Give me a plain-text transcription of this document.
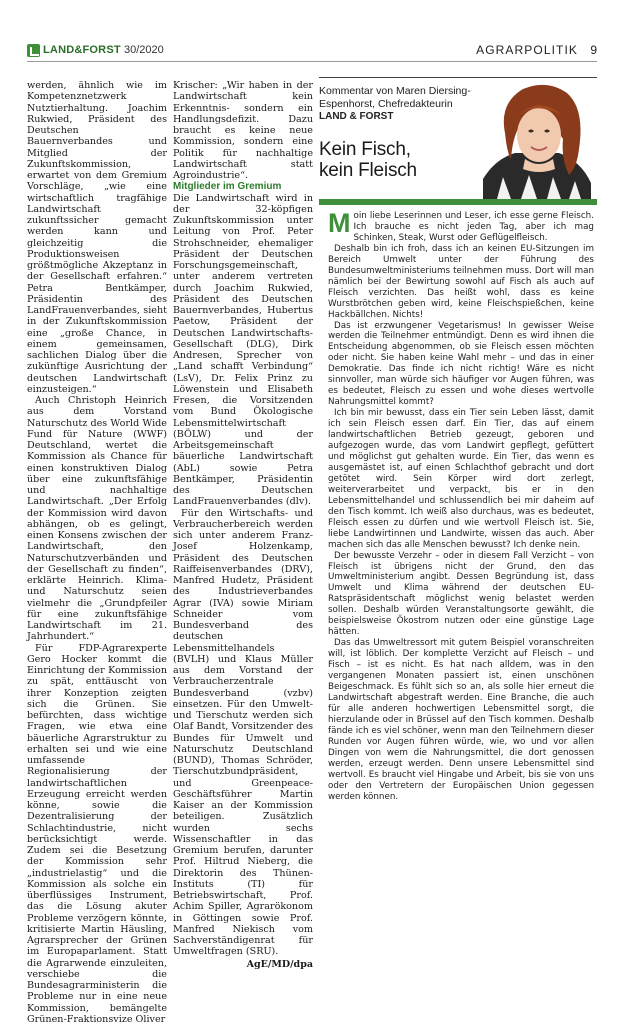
LAND&FORST 30/2020	AGRARPOLITIK 9

werden, ähnlich wie im Kompetenznetzwerk Nutztierhaltung. Joachim Rukwied, Präsident des Deutschen Bauernverbandes und Mitglied der Zukunftskommission, erwartet von dem Gremium Vorschläge, „wie eine wirtschaftlich tragfähige Landwirtschaft zukunftssicher gemacht werden kann und gleichzeitig die Produktionsweisen größtmögliche Akzeptanz in der Gesellschaft erfahren.“ Petra Bentkämper, Präsidentin des LandFrauenverbandes, sieht in der Zukunftskommission eine „große Chance, in einem gemeinsamen, sachlichen Dialog über die zukünftige Ausrichtung der deutschen Landwirtschaft einzusteigen.“

Auch Christoph Heinrich aus dem Vorstand Naturschutz des World Wide Fund für Nature (WWF) Deutschland, wertet die Kommission als Chance für einen konstruktiven Dialog über eine zukunftsfähige und nachhaltige Landwirtschaft. „Der Erfolg der Kommission wird davon abhängen, ob es gelingt, einen Konsens zwischen der Landwirtschaft, den Naturschutzverbänden und der Gesellschaft zu finden“, erklärte Heinrich. Klima- und Naturschutz seien vielmehr die „Grundpfeiler für eine zukunftsfähige Landwirtschaft im 21. Jahrhundert.“

Für FDP-Agrarexperte Gero Hocker kommt die Einrichtung der Kommission zu spät, enttäuscht von ihrer Konzeption zeigten sich die Grünen. Sie befürchten, dass wichtige Fragen, wie etwa eine bäuerliche Agrarstruktur zu erhalten sei und wie eine umfassende Regionalisierung der landwirtschaftlichen Erzeugung erreicht werden könne, sowie die Dezentralisierung der Schlachtindustrie, nicht berücksichtigt werde. Zudem sei die Besetzung der Kommission sehr „industrielastig“ und die Kommission als solche ein überflüssiges Instrument, das die Lösung akuter Probleme verzögern könnte, kritisierte Martin Häusling, Agrarsprecher der Grünen im Europaparlament. Statt die Agrarwende einzuleiten, verschiebe die Bundesagrarministerin die Probleme nur in eine neue Kommission, bemängelte Grünen-Fraktionsvize Oliver

Krischer: „Wir haben in der Landwirtschaft kein Erkenntnis- sondern ein Handlungsdefizit. Dazu braucht es keine neue Kommission, sondern eine Politik für nachhaltige Landwirtschaft statt Agroindustrie“.

Mitglieder im Gremium

Die Landwirtschaft wird in der 32-köpfigen Zukunftskommission unter Leitung von Prof. Peter Strohschneider, ehemaliger Präsident der Deutschen Forschungsgemeinschaft, unter anderem vertreten durch Joachim Rukwied, Präsident des Deutschen Bauernverbandes, Hubertus Paetow, Präsident der Deutschen Landwirtschafts-Gesellschaft (DLG), Dirk Andresen, Sprecher von „Land schafft Verbindung“ (LsV), Dr. Felix Prinz zu Löwenstein und Elisabeth Fresen, die Vorsitzenden vom Bund Ökologische Lebensmittelwirtschaft (BÖLW) und der Arbeitsgemeinschaft bäuerliche Landwirtschaft (AbL) sowie Petra Bentkämper, Präsidentin des Deutschen LandFrauenverbandes (dlv).

Für den Wirtschafts- und Verbraucherbereich werden sich unter anderem Franz-Josef Holzenkamp, Präsident des Deutschen Raiffeisenverbandes (DRV), Manfred Hudetz, Präsident des Industrieverbandes Agrar (IVA) sowie Miriam Schneider vom Bundesverband des deutschen Lebensmittelhandels (BVLH) und Klaus Müller aus dem Vorstand der Verbraucherzentrale Bundesverband (vzbv) einsetzen. Für den Umwelt- und Tierschutz werden sich Olaf Bandt, Vorsitzender des Bundes für Umwelt und Naturschutz Deutschland (BUND), Thomas Schröder, Tierschutzbundpräsident, und Greenpeace-Geschäftsführer Martin Kaiser an der Kommission beteiligen. Zusätzlich wurden sechs Wissenschaftler in das Gremium berufen, darunter Prof. Hiltrud Nieberg, die Direktorin des Thünen-Instituts (TI) für Betriebswirtschaft, Prof. Achim Spiller, Agrarökonom in Göttingen sowie Prof. Manfred Niekisch vom Sachverständigenrat für Umweltfragen (SRU).

AgE/MD/dpa
Kommentar von Maren Diersing-Espenhorst, Chefredakteurin
LAND & FORST
Kein Fisch,
kein Fleisch

Moin liebe Leserinnen und Leser, ich esse gerne Fleisch. Ich brauche es nicht jeden Tag, aber ich mag Schinken, Steak, Wurst oder Geflügelfleisch.

Deshalb bin ich froh, dass ich an keinen EU-Sitzungen im Bereich Umwelt unter der Führung des Bundesumweltministeriums teilnehmen muss. Dort will man nämlich bei der Bewirtung sowohl auf Fisch als auch auf Fleisch verzichten. Das heißt wohl, dass es keine Wurstbrötchen geben wird, keine Fleischspießchen, keine Hackbällchen. Nichts!

Das ist erzwungener Vegetarismus! In gewisser Weise werden die Teilnehmer entmündigt. Denn es wird ihnen die Entscheidung abgenommen, ob sie Fleisch essen möchten oder nicht. Sie haben keine Wahl mehr – und das in einer Demokratie. Das finde ich nicht richtig! Wäre es nicht sinnvoller, man würde sich häufiger vor Augen führen, was es bedeutet, Fleisch zu essen und wohe dieses wertvolle Nahrungsmittel kommt?

Ich bin mir bewusst, dass ein Tier sein Leben lässt, damit ich sein Fleisch essen darf. Ein Tier, das auf einem landwirtschaftlichen Betrieb gezeugt, geboren und aufgezogen wurde, das vom Landwirt gepflegt, gefüttert und möglichst gut gehalten wurde. Ein Tier, das wenn es ausgemästet ist, auf einen Schlachthof gebracht und dort getötet wird. Sein Körper wird dort zerlegt, weiterverarbeitet und verpackt, bis er in den Lebensmittelhandel und schlussendlich bei mir daheim auf den Tisch kommt. Ich weiß also durchaus, was es bedeutet, Fleisch essen zu dürfen und wie wertvoll Fleisch ist. Sie, liebe Landwirtinnen und Landwirte, wissen das auch. Aber machen sich das alle Menschen bewusst? Ich denke nein.

Der bewusste Verzehr – oder in diesem Fall Verzicht – von Fleisch ist übrigens nicht der Grund, den das Umweltministerium angibt. Dessen Begründung ist, dass Umwelt und Klima während der deutschen EU-Ratspräsidentschaft möglichst wenig belastet werden sollen. Deshalb würden Veranstaltungsorte gewählt, die beispielsweise Ökostrom nutzen oder eine günstige Lage hätten.

Das das Umweltressort mit gutem Beispiel voranschreiten will, ist löblich. Der komplette Verzicht auf Fleisch – und Fisch – ist es nicht. Es hat nach alldem, was in den vergangenen Monaten passiert ist, einen unschönen Beigeschmack. Es fühlt sich so an, als solle hier erneut die Landwirtschaft abgestraft werden. Eine Branche, die auch für alle anderen hochwertigen Lebensmittel sorgt, die hierzulande oder in Brüssel auf den Tisch kommen. Deshalb fände ich es viel schöner, wenn man den Teilnehmern dieser Runden vor Augen führen würde, wie, wo und vor allen Dingen von wem die Nahrungsmittel, die dort genossen werden, erzeugt werden. Denn unsere Lebensmittel sind wertvoll. Es braucht viel Hingabe und Arbeit, bis sie von uns oder den Vertretern der Europäischen Union gegessen werden können.
